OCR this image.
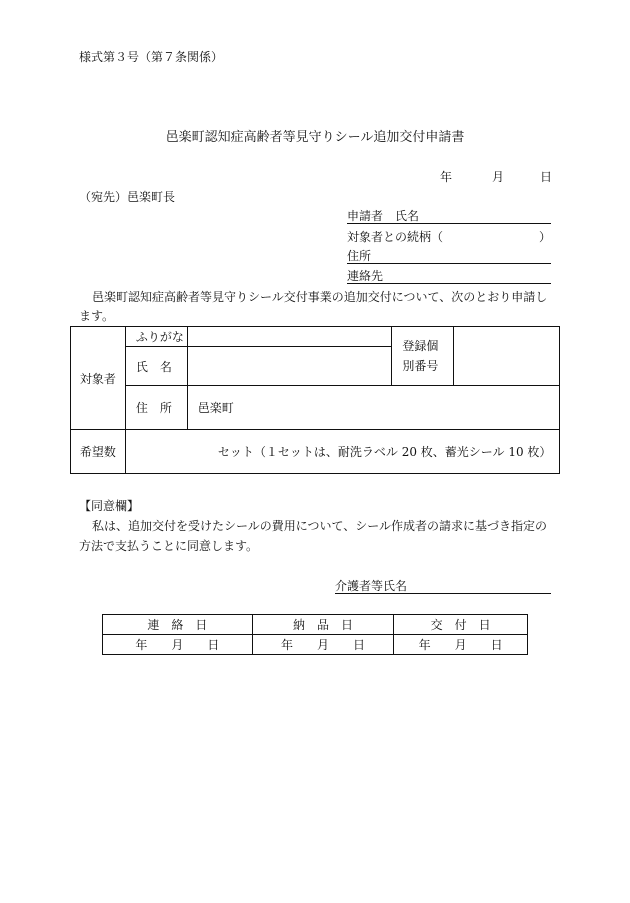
様式第３号（第７条関係）
邑楽町認知症高齢者等見守りシール追加交付申請書
年	月	日
（宛先）邑楽町長
申請者　氏名
対象者との続柄（　　　　　　　　）
住所
連絡先
邑楽町認知症高齢者等見守りシール交付事業の追加交付について、次のとおり申請し
ます。
対象者	ふりがな		登録個
別番号	
	氏　名			
	住　所	邑楽町		
希望数	セット（１セットは、耐洗ラベル 20 枚、蓄光シール 10 枚）			
【同意欄】
私は、追加交付を受けたシールの費用について、シール作成者の請求に基づき指定の
方法で支払うことに同意します。
介護者等氏名
連　絡　日	納　品　日	交　付　日
年　　月　　日	年　　月　　日	年　　月　　日
